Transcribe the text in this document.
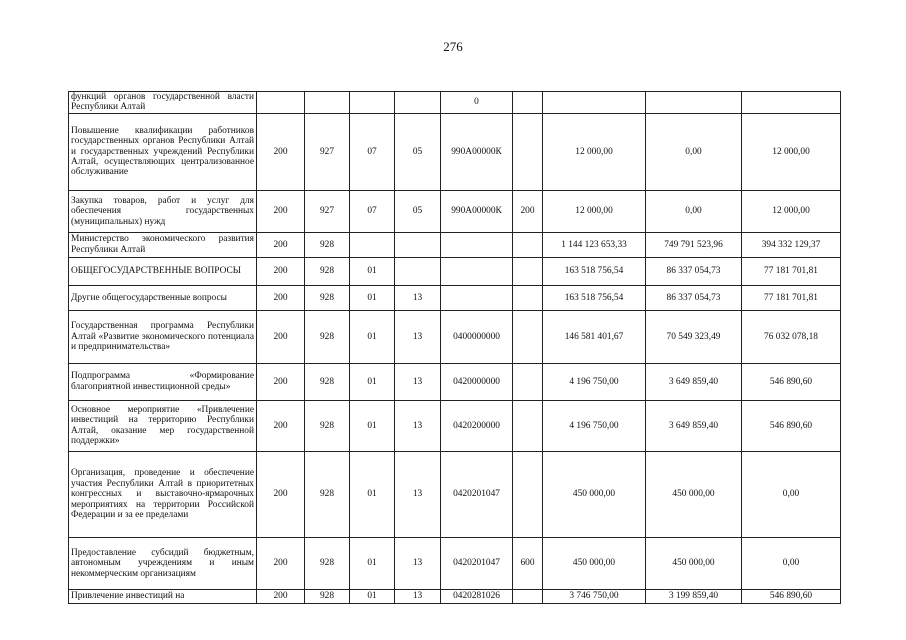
276
функций органов государственной власти Республики Алтай					0				
Повышение квалификации работников государственных органов Республики Алтай и государственных учреждений Республики Алтай, осуществляющих централизованное обслуживание	200	927	07	05	990А00000К		12 000,00	0,00	12 000,00
Закупка товаров, работ и услуг для обеспечения государственных (муниципальных) нужд	200	927	07	05	990А00000К	200	12 000,00	0,00	12 000,00
Министерство экономического развития Республики Алтай	200	928					1 144 123 653,33	749 791 523,96	394 332 129,37
ОБЩЕГОСУДАРСТВЕННЫЕ ВОПРОСЫ	200	928	01				163 518 756,54	86 337 054,73	77 181 701,81
Другие общегосударственные вопросы	200	928	01	13			163 518 756,54	86 337 054,73	77 181 701,81
Государственная программа Республики Алтай «Развитие экономического потенциала и предпринимательства»	200	928	01	13	0400000000		146 581 401,67	70 549 323,49	76 032 078,18
Подпрограмма «Формирование благоприятной инвестиционной среды»	200	928	01	13	0420000000		4 196 750,00	3 649 859,40	546 890,60
Основное мероприятие «Привлечение инвестиций на территорию Республики Алтай, оказание мер государственной поддержки»	200	928	01	13	0420200000		4 196 750,00	3 649 859,40	546 890,60
Организация, проведение и обеспечение участия Республики Алтай в приоритетных конгрессных и выставочно-ярмарочных мероприятиях на территории Российской Федерации и за ее пределами	200	928	01	13	0420201047		450 000,00	450 000,00	0,00
Предоставление субсидий бюджетным, автономным учреждениям и иным некоммерческим организациям	200	928	01	13	0420201047	600	450 000,00	450 000,00	0,00
Привлечение инвестиций на	200	928	01	13	0420281026		3 746 750,00	3 199 859,40	546 890,60
